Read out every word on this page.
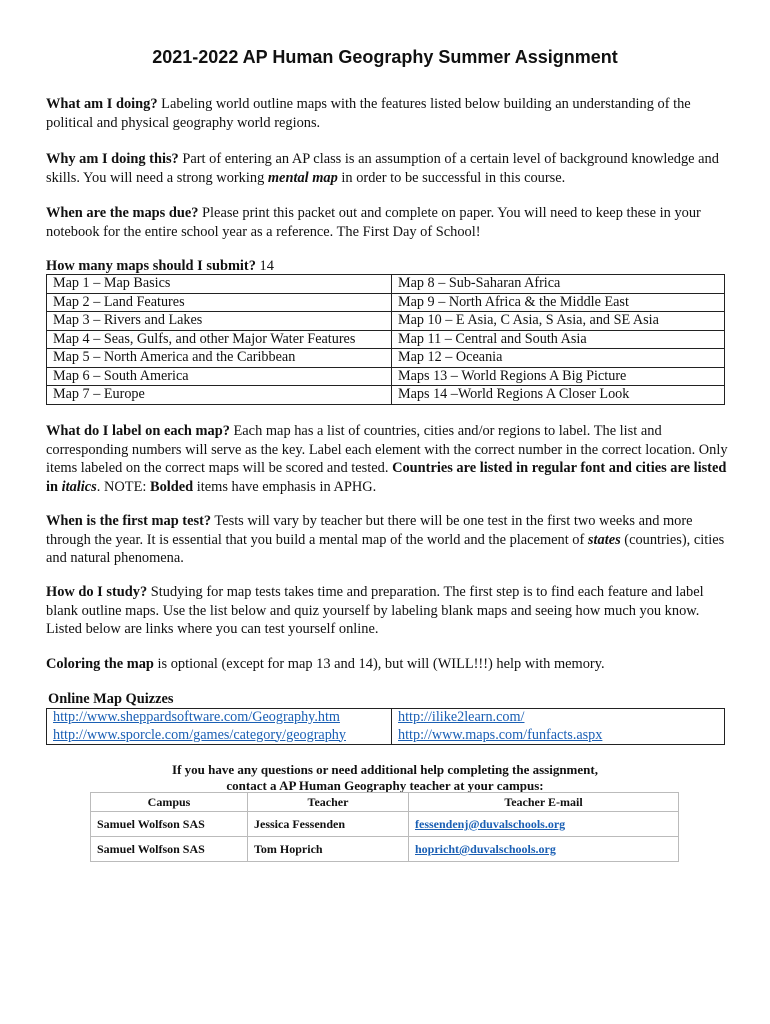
2021-2022 AP Human Geography Summer Assignment

What am I doing? Labeling world outline maps with the features listed below building an understanding of the political and physical geography world regions.

Why am I doing this? Part of entering an AP class is an assumption of a certain level of background knowledge and skills. You will need a strong working mental map in order to be successful in this course.

When are the maps due? Please print this packet out and complete on paper. You will need to keep these in your notebook for the entire school year as a reference. The First Day of School!

How many maps should I submit? 14

Map 1 – Map Basics	Map 8 – Sub-Saharan Africa
Map 2 – Land Features	Map 9 – North Africa & the Middle East
Map 3 – Rivers and Lakes	Map 10 – E Asia, C Asia, S Asia, and SE Asia
Map 4 – Seas, Gulfs, and other Major Water Features	Map 11 – Central and South Asia
Map 5 – North America and the Caribbean	Map 12 – Oceania
Map 6 – South America	Maps 13 – World Regions A Big Picture
Map 7 – Europe	Maps 14 –World Regions A Closer Look

What do I label on each map? Each map has a list of countries, cities and/or regions to label. The list and corresponding numbers will serve as the key. Label each element with the correct number in the correct location. Only items labeled on the correct maps will be scored and tested. Countries are listed in regular font and cities are listed in italics. NOTE: Bolded items have emphasis in APHG.

When is the first map test? Tests will vary by teacher but there will be one test in the first two weeks and more through the year. It is essential that you build a mental map of the world and the placement of states (countries), cities and natural phenomena.

How do I study? Studying for map tests takes time and preparation. The first step is to find each feature and label blank outline maps. Use the list below and quiz yourself by labeling blank maps and seeing how much you know. Listed below are links where you can test yourself online.

Coloring the map is optional (except for map 13 and 14), but will (WILL!!!) help with memory.

Online Map Quizzes

http://www.sheppardsoftware.com/Geography.htm
http://www.sporcle.com/games/category/geography

http://ilike2learn.com/
http://www.maps.com/funfacts.aspx
If you have any questions or need additional help completing the assignment,
contact a AP Human Geography teacher at your campus:
Campus	Teacher	Teacher E-mail
Samuel Wolfson SAS	Jessica Fessenden	fessendenj@duvalschools.org
Samuel Wolfson SAS	Tom Hoprich	hopricht@duvalschools.org
